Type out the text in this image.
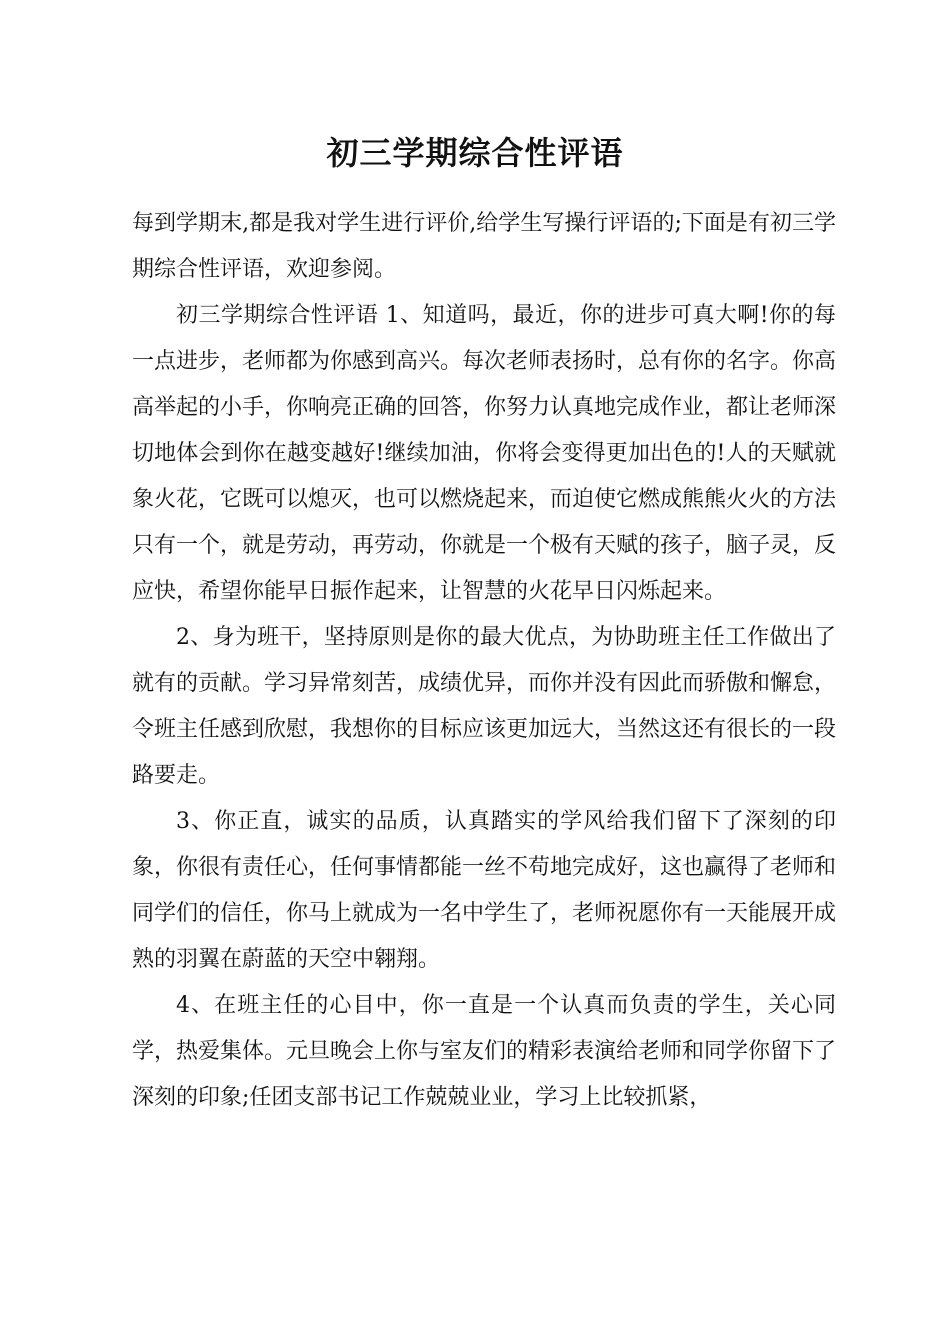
初三学期综合性评语

每到学期末,都是我对学生进行评价,给学生写操行评语的;下面是有初三学期综合性评语，欢迎参阅。

初三学期综合性评语 1、知道吗，最近，你的进步可真大啊!你的每一点进步，老师都为你感到高兴。每次老师表扬时，总有你的名字。你高高举起的小手，你响亮正确的回答，你努力认真地完成作业，都让老师深切地体会到你在越变越好!继续加油，你将会变得更加出色的!人的天赋就象火花，它既可以熄灭，也可以燃烧起来，而迫使它燃成熊熊火火的方法只有一个，就是劳动，再劳动，你就是一个极有天赋的孩子，脑子灵，反应快，希望你能早日振作起来，让智慧的火花早日闪烁起来。

2、身为班干，坚持原则是你的最大优点，为协助班主任工作做出了就有的贡献。学习异常刻苦，成绩优异，而你并没有因此而骄傲和懈怠，令班主任感到欣慰，我想你的目标应该更加远大，当然这还有很长的一段路要走。

3、你正直，诚实的品质，认真踏实的学风给我们留下了深刻的印象，你很有责任心，任何事情都能一丝不苟地完成好，这也赢得了老师和同学们的信任，你马上就成为一名中学生了，老师祝愿你有一天能展开成熟的羽翼在蔚蓝的天空中翱翔。

4、在班主任的心目中，你一直是一个认真而负责的学生，关心同学，热爱集体。元旦晚会上你与室友们的精彩表演给老师和同学你留下了深刻的印象;任团支部书记工作兢兢业业，学习上比较抓紧，
